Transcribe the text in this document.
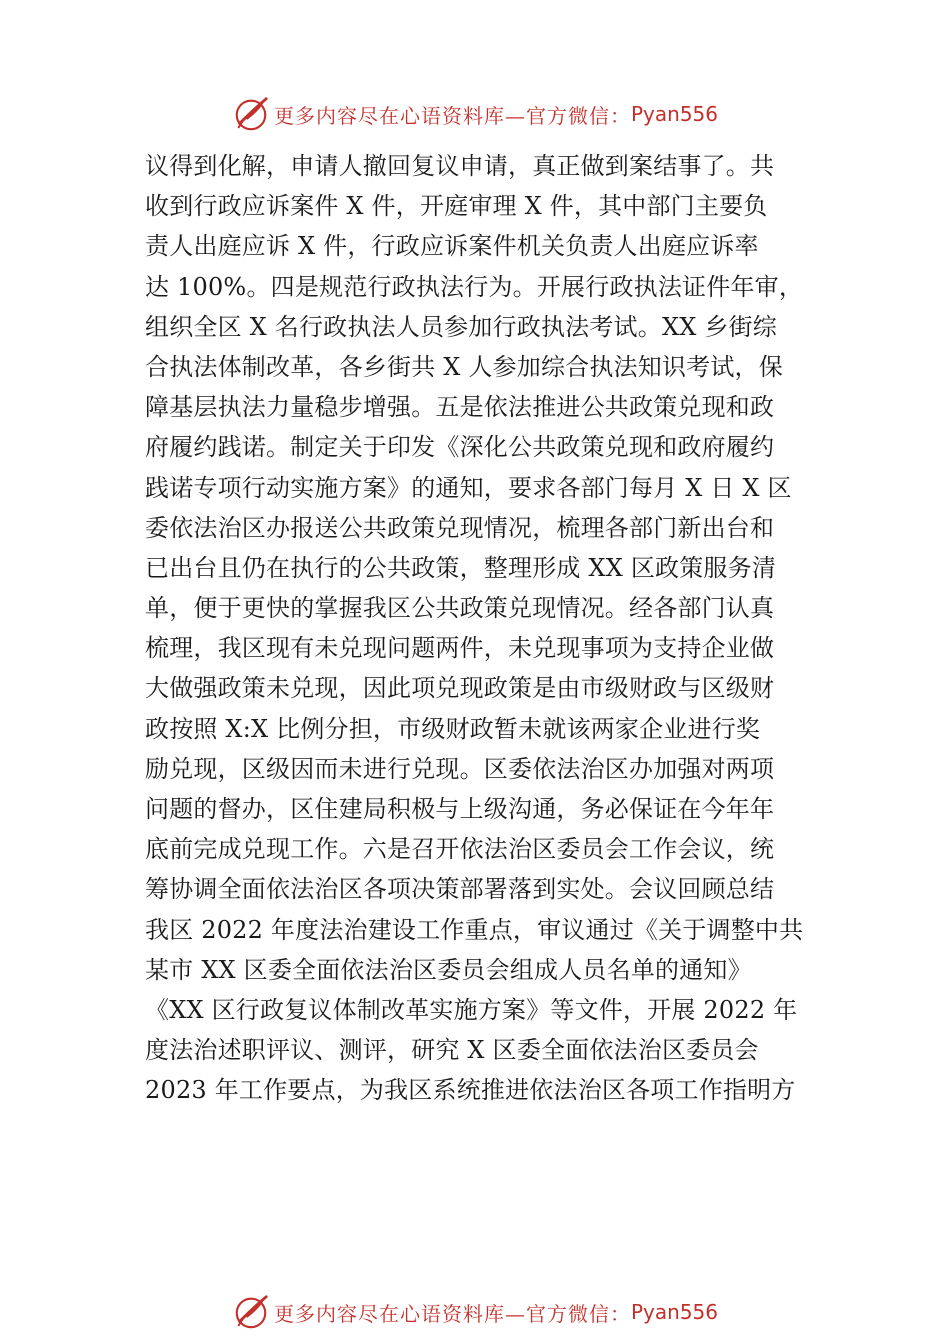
更多内容尽在心语资料库—官方微信： Pyan556
议得到化解，申请人撤回复议申请，真正做到案结事了。共
收到行政应诉案件 X 件，开庭审理 X 件，其中部门主要负
责人出庭应诉 X 件，行政应诉案件机关负责人出庭应诉率
达 100%。四是规范行政执法行为。开展行政执法证件年审，
组织全区 X 名行政执法人员参加行政执法考试。XX 乡街综
合执法体制改革，各乡街共 X 人参加综合执法知识考试，保
障基层执法力量稳步增强。五是依法推进公共政策兑现和政
府履约践诺。制定关于印发《深化公共政策兑现和政府履约
践诺专项行动实施方案》的通知，要求各部门每月 X 日 X 区
委依法治区办报送公共政策兑现情况，梳理各部门新出台和
已出台且仍在执行的公共政策，整理形成 XX 区政策服务清
单，便于更快的掌握我区公共政策兑现情况。经各部门认真
梳理，我区现有未兑现问题两件，未兑现事项为支持企业做
大做强政策未兑现，因此项兑现政策是由市级财政与区级财
政按照 X:X 比例分担，市级财政暂未就该两家企业进行奖
励兑现，区级因而未进行兑现。区委依法治区办加强对两项
问题的督办，区住建局积极与上级沟通，务必保证在今年年
底前完成兑现工作。六是召开依法治区委员会工作会议，统
筹协调全面依法治区各项决策部署落到实处。会议回顾总结
我区 2022 年度法治建设工作重点，审议通过《关于调整中共
某市 XX 区委全面依法治区委员会组成人员名单的通知》
《XX 区行政复议体制改革实施方案》等文件，开展 2022 年
度法治述职评议、测评，研究 X 区委全面依法治区委员会
2023 年工作要点，为我区系统推进依法治区各项工作指明方
更多内容尽在心语资料库—官方微信： Pyan556
